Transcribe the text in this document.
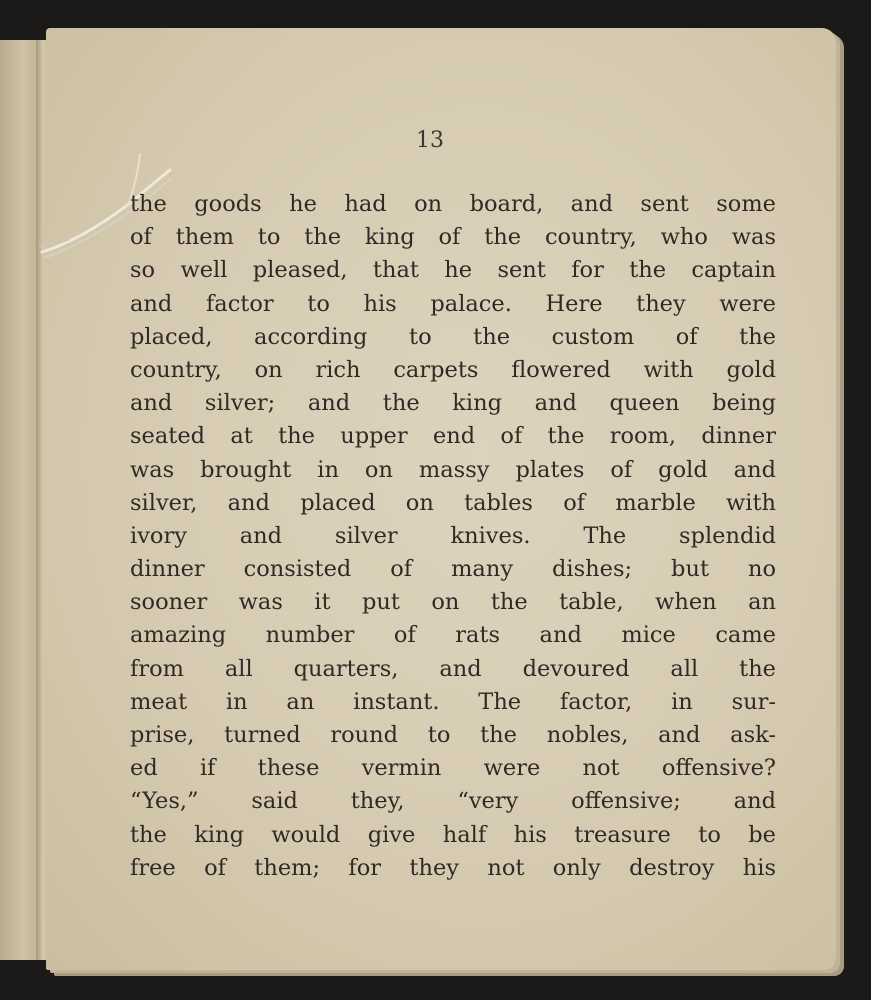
13
the goods he had on board, and sent some
of them to the king of the country, who was
so well pleased, that he sent for the captain
and factor to his palace. Here they were
placed, according to the custom of the
country, on rich carpets flowered with gold
and silver; and the king and queen being
seated at the upper end of the room, dinner
was brought in on massy plates of gold and
silver, and placed on tables of marble with
ivory and silver knives. The splendid
dinner consisted of many dishes; but no
sooner was it put on the table, when an
amazing number of rats and mice came
from all quarters, and devoured all the
meat in an instant. The factor, in sur-
prise, turned round to the nobles, and ask-
ed if these vermin were not offensive?
“Yes,” said they, “very offensive; and
the king would give half his treasure to be
free of them; for they not only destroy his
